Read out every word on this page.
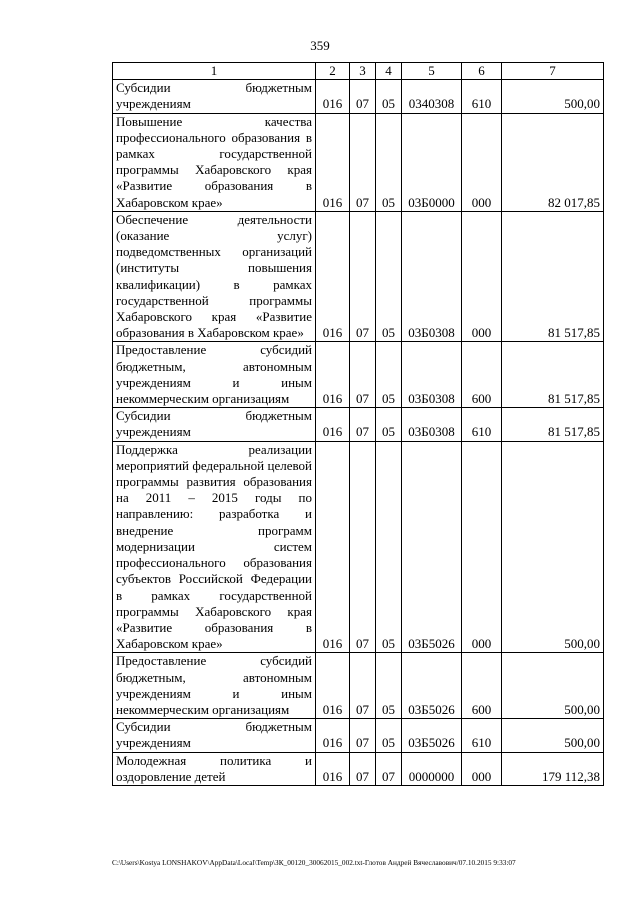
359
1	2	3	4	5	6	7
Субсидии бюджетным учреждениям	016	07	05	0340308	610	500,00
Повышение качества профессионального образования в рамках государственной программы Хабаровского края «Развитие образования в Хабаровском крае»	016	07	05	03Б0000	000	82 017,85
Обеспечение деятельности (оказание услуг) подведомственных организаций (институты повышения квалификации) в рамках государственной программы Хабаровского края «Развитие образования в Хабаровском крае»	016	07	05	03Б0308	000	81 517,85
Предоставление субсидий бюджетным, автономным учреждениям и иным некоммерческим организациям	016	07	05	03Б0308	600	81 517,85
Субсидии бюджетным учреждениям	016	07	05	03Б0308	610	81 517,85
Поддержка реализации мероприятий федеральной целевой программы развития образования на 2011 – 2015 годы по направлению: разработка и внедрение программ модернизации систем профессионального образования субъектов Российской Федерации в рамках государственной программы Хабаровского края «Развитие образования в Хабаровском крае»	016	07	05	03Б5026	000	500,00
Предоставление субсидий бюджетным, автономным учреждениям и иным некоммерческим организациям	016	07	05	03Б5026	600	500,00
Субсидии бюджетным учреждениям	016	07	05	03Б5026	610	500,00
Молодежная политика и оздоровление детей	016	07	07	0000000	000	179 112,38
C:\Users\Kostya LONSHAKOV\AppData\Local\Temp\ЗК_00120_30062015_002.txt-Глотов Андрей Вячеславович/07.10.2015 9:33:07
